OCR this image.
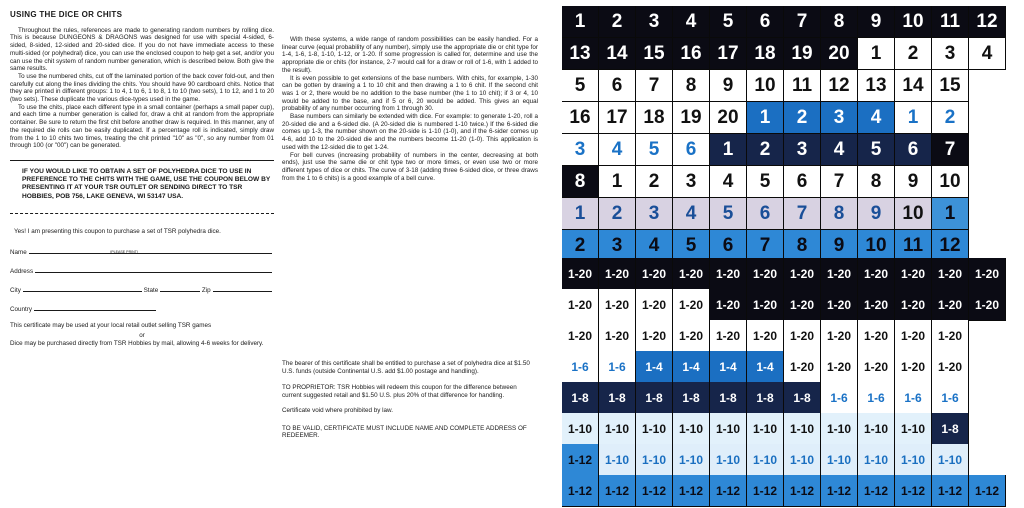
USING THE DICE OR CHITS
Throughout the rules, references are made to generating random numbers by rolling dice. This is because DUNGEONS & DRAGONS was designed for use with special 4-sided, 6-sided, 8-sided, 12-sided and 20-sided dice. If you do not have immediate access to these multi-sided (or polyhedral) dice, you can use the enclosed coupon to help get a set, and/or you can use the chit system of random number generation, which is described below. Both give the same results.
To use the numbered chits, cut off the laminated portion of the back cover fold-out, and then carefully cut along the lines dividing the chits. You should have 90 cardboard chits. Notice that they are printed in different groups: 1 to 4, 1 to 6, 1 to 8, 1 to 10 (two sets), 1 to 12, and 1 to 20 (two sets). These duplicate the various dice-types used in the game.
To use the chits, place each different type in a small container (perhaps a small paper cup), and each time a number generation is called for, draw a chit at random from the appropriate container. Be sure to return the first chit before another draw is required. In this manner, any of the required die rolls can be easily duplicated. If a percentage roll is indicated, simply draw from the 1 to 10 chits two times, treating the chit printed "10" as "0", so any number from 01 through 100 (or "00") can be generated.
IF YOU WOULD LIKE TO OBTAIN A SET OF POLYHEDRA DICE TO USE IN PREFERENCE TO THE CHITS WITH THE GAME, USE THE COUPON BELOW BY PRESENTING IT AT YOUR TSR OUTLET OR SENDING DIRECT TO TSR HOBBIES, POB 756, LAKE GENEVA, WI 53147 USA.
Yes! I am presenting this coupon to purchase a set of TSR polyhedra dice.
Name	(PLEASE PRINT)
Address
City	State	Zip
Country
This certificate may be used at your local retail outlet selling TSR games
or
Dice may be purchased directly from TSR Hobbies by mail, allowing 4-6 weeks for delivery.
With these systems, a wide range of random possibilities can be easily handled. For a linear curve (equal probability of any number), simply use the appropriate die or chit type for 1-4, 1-6, 1-8, 1-10, 1-12, or 1-20. If some progression is called for, determine and use the appropriate die or chits (for instance, 2-7 would call for a draw or roll of 1-6, with 1 added to the result).
It is even possible to get extensions of the base numbers. With chits, for example, 1-30 can be gotten by drawing a 1 to 10 chit and then drawing a 1 to 6 chit. If the second chit was 1 or 2, there would be no addition to the base number (the 1 to 10 chit); if 3 or 4, 10 would be added to the base, and if 5 or 6, 20 would be added. This gives an equal probability of any number occurring from 1 through 30.
Base numbers can similarly be extended with dice. For example: to generate 1-20, roll a 20-sided die and a 6-sided die. (A 20-sided die is numbered 1-10 twice.) If the 6-sided die comes up 1-3, the number shown on the 20-side is 1-10 (1-0), and if the 6-sider comes up 4-6, add 10 to the 20-sided die and the numbers become 11-20 (1-0). This application is used with the 12-sided die to get 1-24.
For bell curves (increasing probability of numbers in the center, decreasing at both ends), just use the same die or chit type two or more times, or even use two or more different types of dice or chits. The curve of 3-18 (adding three 6-sided dice, or three draws from the 1 to 6 chits) is a good example of a bell curve.
The bearer of this certificate shall be entitled to purchase a set of polyhedra dice at $1.50 U.S. funds (outside Continental U.S. add $1.00 postage and handling).
TO PROPRIETOR: TSR Hobbies will redeem this coupon for the difference between current suggested retail and $1.50 U.S. plus 20% of that difference for handling.
Certificate void where prohibited by law.
TO BE VALID, CERTIFICATE MUST INCLUDE NAME AND COMPLETE ADDRESS OF REDEEMER.
1	2	3	4	5	6	7	8	9	10 11 12
13 14 15 16 17 18 19 20	1	2	3	4
5	6	7	8	9	10 11 12 13 14 15
16 17 18 19 20	1	2	3	4	1	2
3	4	5	6	1	2	3	4	5	6	7
8	1	2	3	4	5	6	7	8	9	10
1	2	3	4	5	6	7	8	9	10	1
2	3	4	5	6	7	8	9	10 11 12
1-20	1-20	1-20	1-20	1-20	1-20	1-20	1-20	1-20	1-20	1-20	1-20
1-20	1-20	1-20	1-20	1-20	1-20	1-20	1-20	1-20	1-20	1-20	1-20
1-20	1-20	1-20	1-20	1-20	1-20	1-20	1-20	1-20	1-20	1-20
1-6	1-6	1-4	1-4	1-4	1-4	1-20	1-20	1-20	1-20	1-20
1-8	1-8	1-8	1-8	1-8	1-8	1-8	1-6	1-6	1-6	1-6
1-10	1-10	1-10	1-10	1-10	1-10	1-10	1-10	1-10	1-10	1-8
1-12	1-10	1-10	1-10	1-10	1-10	1-10	1-10	1-10	1-10	1-10
1-12	1-12	1-12	1-12	1-12	1-12	1-12	1-12	1-12	1-12	1-12	1-12
